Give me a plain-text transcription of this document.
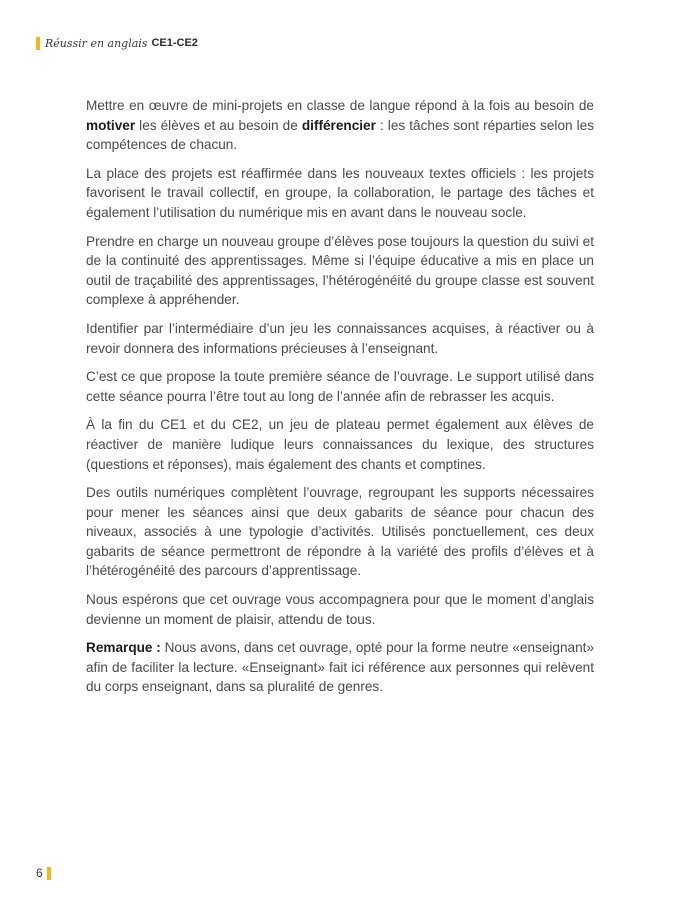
Réussir en anglais CE1-CE2

Mettre en œuvre de mini-projets en classe de langue répond à la fois au besoin de motiver les élèves et au besoin de différencier : les tâches sont réparties selon les compétences de chacun.

La place des projets est réaffirmée dans les nouveaux textes officiels : les projets favorisent le travail collectif, en groupe, la collaboration, le partage des tâches et également l’utilisation du numérique mis en avant dans le nouveau socle.

Prendre en charge un nouveau groupe d’élèves pose toujours la question du suivi et de la continuité des apprentissages. Même si l’équipe éducative a mis en place un outil de traçabilité des apprentissages, l’hétérogénéité du groupe classe est souvent complexe à appréhender.

Identifier par l’intermédiaire d’un jeu les connaissances acquises, à réactiver ou à revoir donnera des informations précieuses à l’enseignant.

C’est ce que propose la toute première séance de l’ouvrage. Le support utilisé dans cette séance pourra l’être tout au long de l’année afin de rebrasser les acquis.

À la fin du CE1 et du CE2, un jeu de plateau permet également aux élèves de réactiver de manière ludique leurs connaissances du lexique, des structures (questions et réponses), mais également des chants et comptines.

Des outils numériques complètent l’ouvrage, regroupant les supports nécessaires pour mener les séances ainsi que deux gabarits de séance pour chacun des niveaux, associés à une typologie d’activités. Utilisés ponctuellement, ces deux gabarits de séance permettront de répondre à la variété des profils d’élèves et à l’hétérogénéité des parcours d’apprentissage.

Nous espérons que cet ouvrage vous accompagnera pour que le moment d’anglais devienne un moment de plaisir, attendu de tous.

Remarque : Nous avons, dans cet ouvrage, opté pour la forme neutre «enseignant» afin de faciliter la lecture. «Enseignant» fait ici référence aux personnes qui relèvent du corps enseignant, dans sa pluralité de genres.

6
